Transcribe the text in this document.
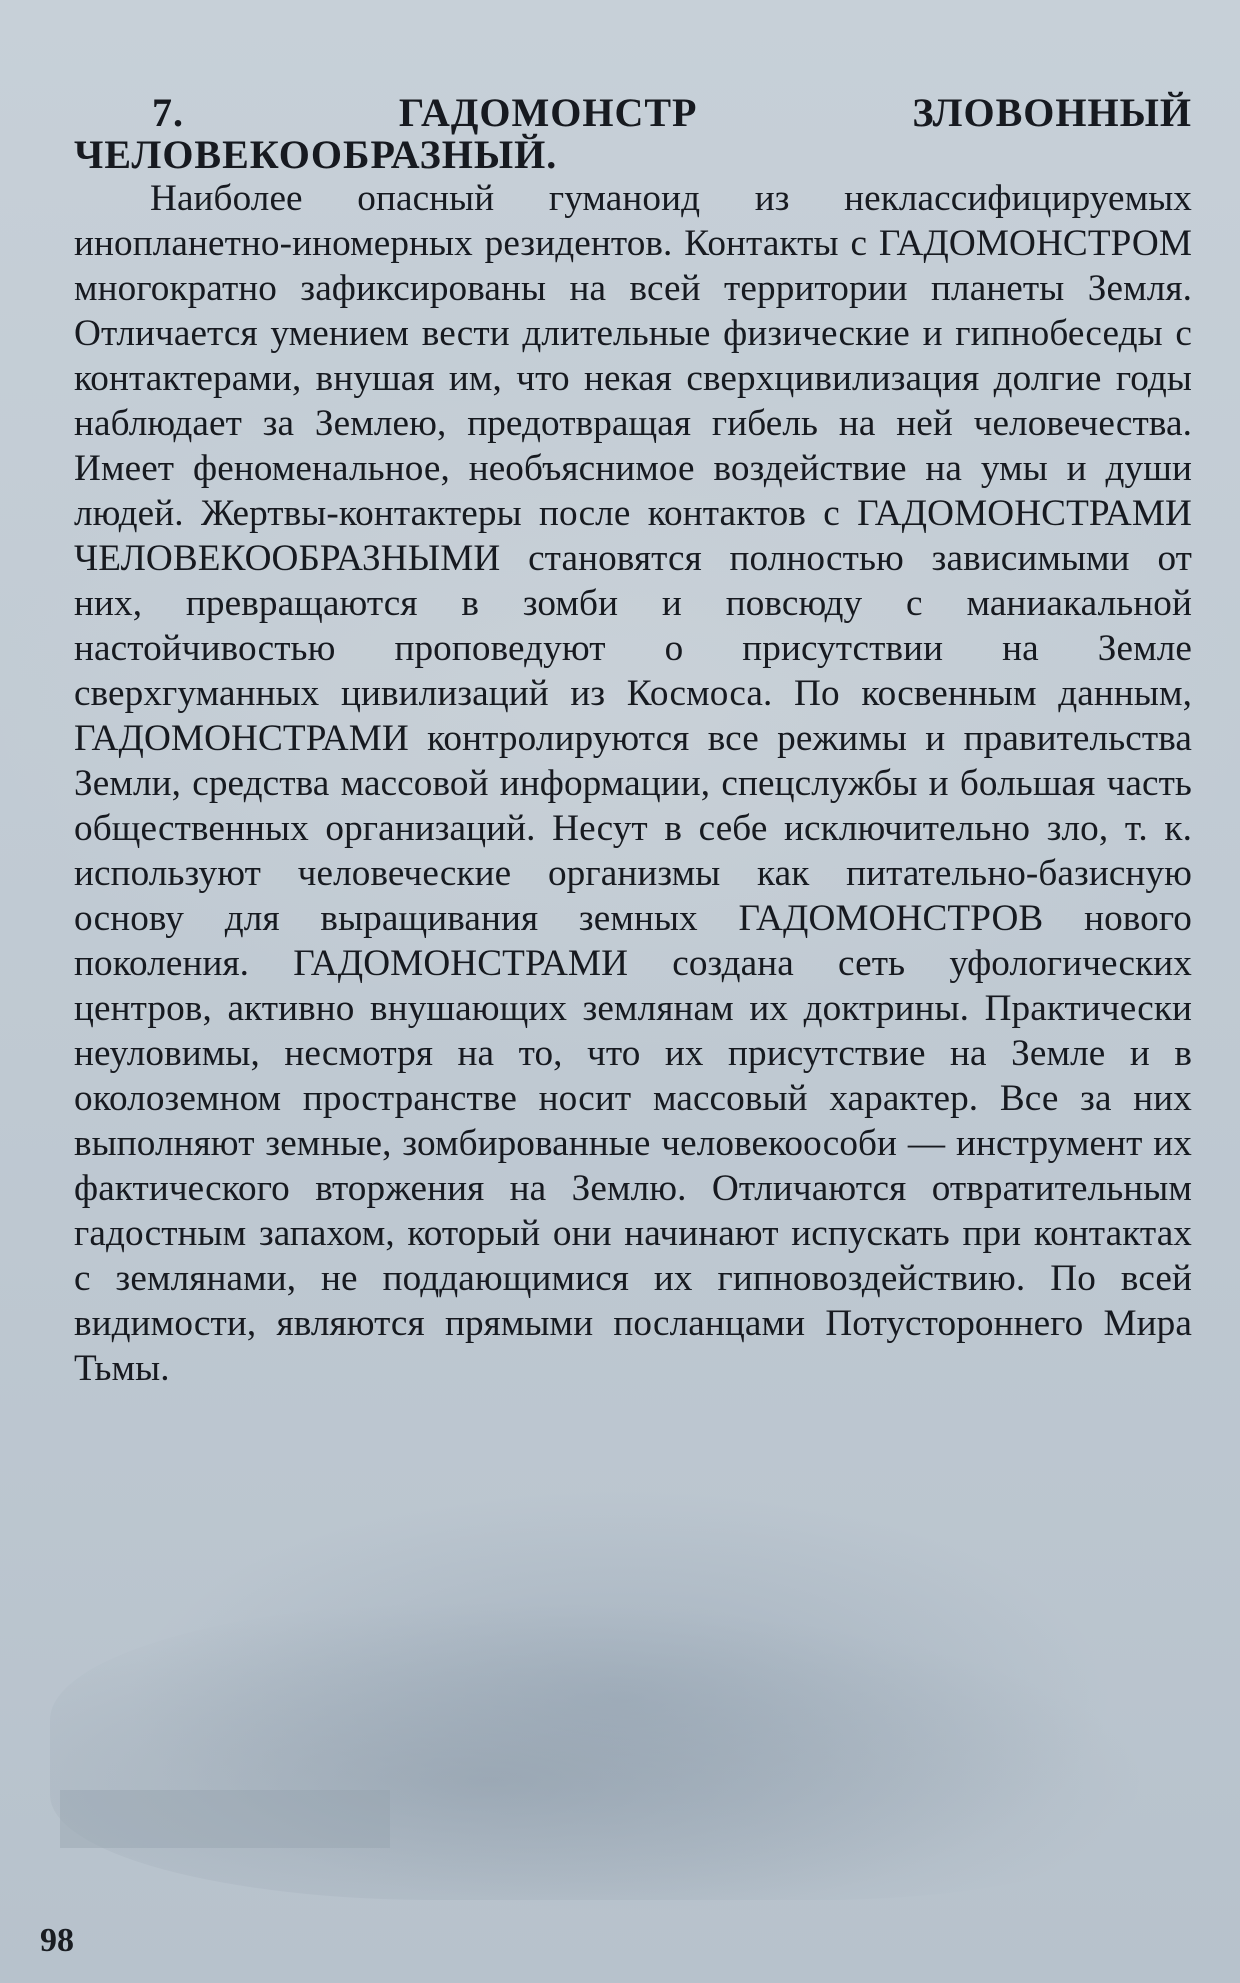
7. ГАДОМОНСТР ЗЛОВОННЫЙ ЧЕЛОВЕКООБРАЗНЫЙ.

Наиболее опасный гуманоид из неклассифицируемых инопланетно-иномерных резидентов. Контакты с ГАДОМОНСТРОМ многократно зафиксированы на всей территории планеты Земля. Отличается умением вести длительные физические и гипнобеседы с контактерами, внушая им, что некая сверхцивилизация долгие годы наблюдает за Землею, предотвращая гибель на ней человечества. Имеет феноменальное, необъяснимое воздействие на умы и души людей. Жертвы-контактеры после контактов с ГАДОМОНСТРАМИ ЧЕЛОВЕКООБРАЗНЫМИ становятся полностью зависимыми от них, превращаются в зомби и повсюду с маниакальной настойчивостью проповедуют о присутствии на Земле сверхгуманных цивилизаций из Космоса. По косвенным данным, ГАДОМОНСТРАМИ контролируются все режимы и правительства Земли, средства массовой информации, спецслужбы и большая часть общественных организаций. Несут в себе исключительно зло, т. к. используют человеческие организмы как питательно-базисную основу для выращивания земных ГАДОМОНСТРОВ нового поколения. ГАДОМОНСТРАМИ создана сеть уфологических центров, активно внушающих землянам их доктрины. Практически неуловимы, несмотря на то, что их присутствие на Земле и в околоземном пространстве носит массовый характер. Все за них выполняют земные, зомбированные человекоособи — инструмент их фактического вторжения на Землю. Отличаются отвратительным гадостным запахом, который они начинают испускать при контактах с землянами, не поддающимися их гипновоздействию. По всей видимости, являются прямыми посланцами Потустороннего Мира Тьмы.

98
